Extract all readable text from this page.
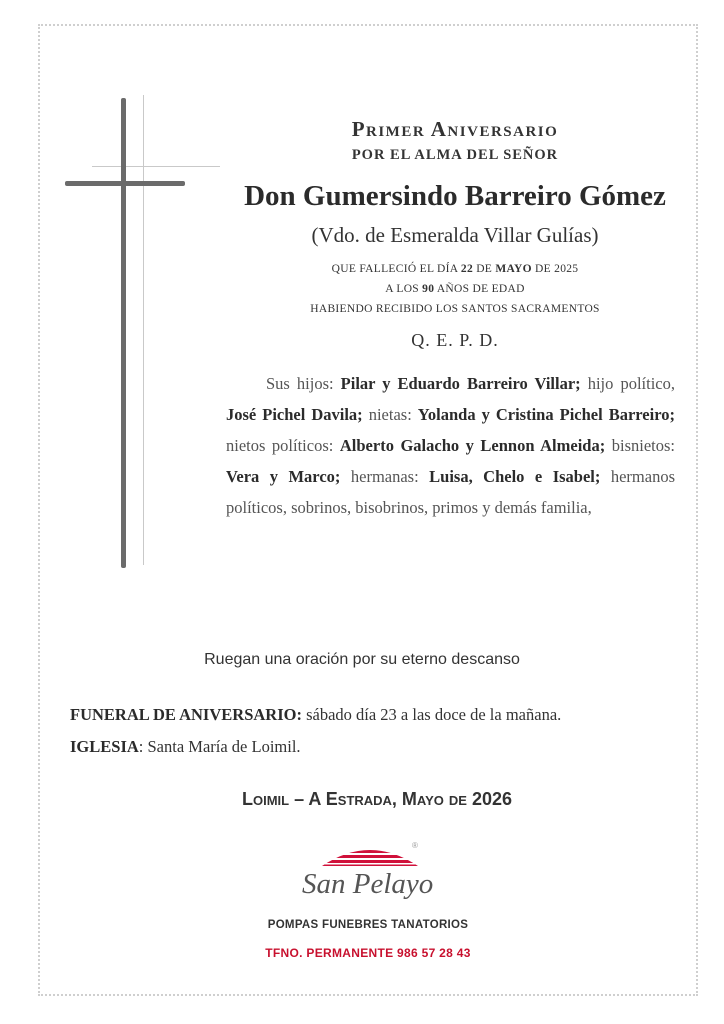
Primer Aniversario
POR EL ALMA DEL SEÑOR
Don Gumersindo Barreiro Gómez
(Vdo. de Esmeralda Villar Gulías)
QUE FALLECIÓ EL DÍA 22 DE MAYO DE 2025
A LOS 90 AÑOS DE EDAD
HABIENDO RECIBIDO LOS SANTOS SACRAMENTOS
Q. E. P. D.
Sus hijos: Pilar y Eduardo Barreiro Villar; hijo político, José Pichel Davila; nietas: Yolanda y Cristina Pichel Barreiro; nietos políticos: Alberto Galacho y Lennon Almeida; bisnietos: Vera y Marco; hermanas: Luisa, Chelo e Isabel; hermanos políticos, sobrinos, bisobrinos, primos y demás familia,
Ruegan una oración por su eterno descanso
FUNERAL DE ANIVERSARIO: sábado día 23 a las doce de la mañana.
IGLESIA: Santa María de Loimil.
Loimil – A Estrada, Mayo de 2026
San Pelayo
®
POMPAS FUNEBRES TANATORIOS
TFNO. PERMANENTE 986 57 28 43
